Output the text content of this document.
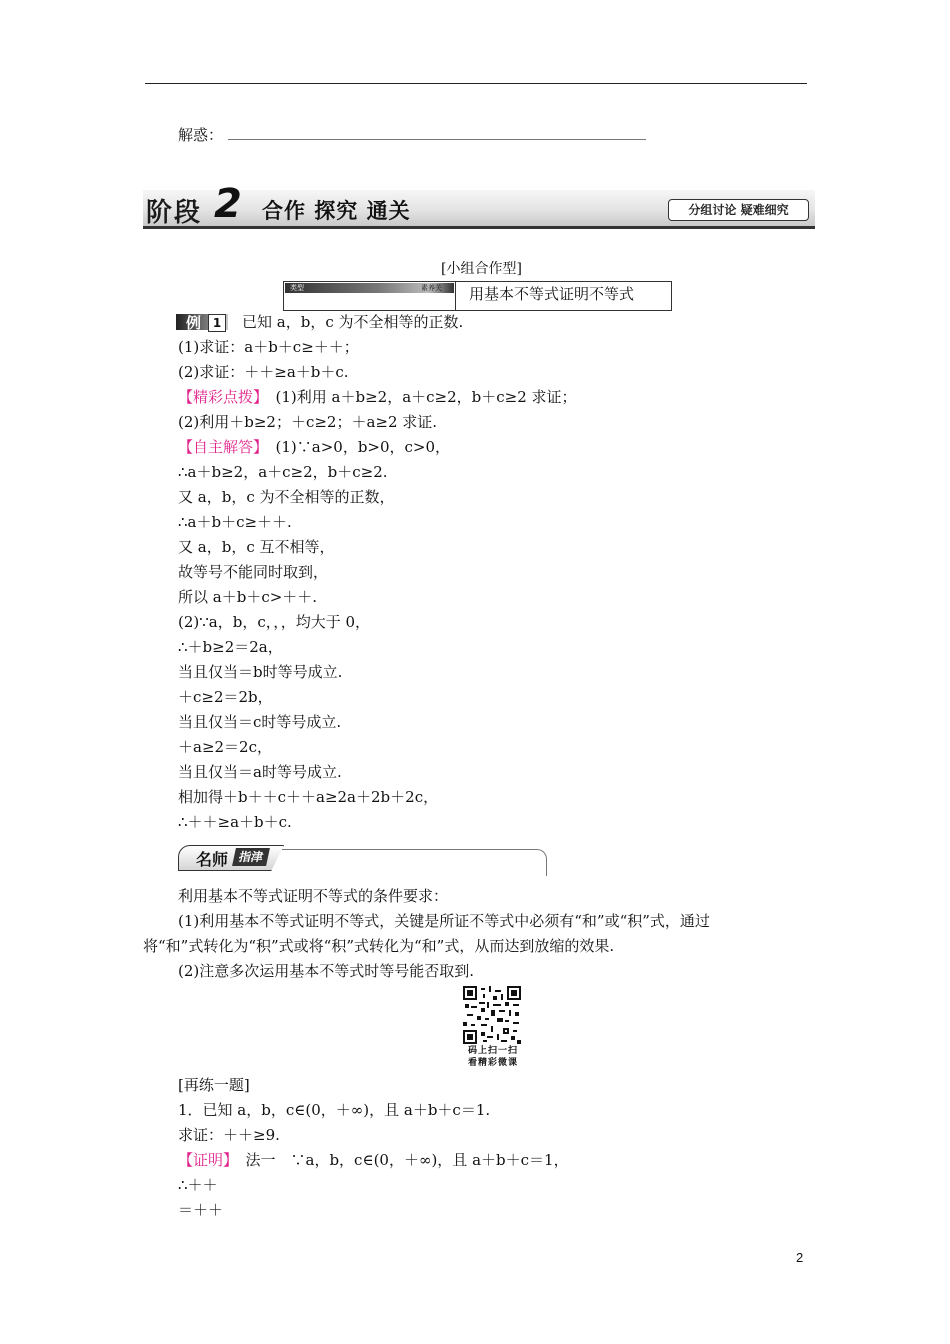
解惑：
阶段 2 合作 探究 通关	分组讨论 疑难细究
[小组合作型]
类型	素养关 用基本不等式证明不等式
例 1	已知 a，b，c 为不全相等的正数.
(1)求证：a＋b＋c≥＋＋；
(2)求证：＋＋≥a＋b＋c.
【精彩点拨】　(1)利用 a＋b≥2，a＋c≥2，b＋c≥2 求证；
(2)利用＋b≥2；＋c≥2；＋a≥2 求证.
【自主解答】　(1)∵a>0，b>0，c>0，
∴a＋b≥2，a＋c≥2，b＋c≥2.
又 a，b，c 为不全相等的正数，
∴a＋b＋c≥＋＋.
又 a，b，c 互不相等，
故等号不能同时取到，
所以 a＋b＋c>＋＋.
(2)∵a，b，c，，，均大于 0，
∴＋b≥2＝2a，
当且仅当＝b时等号成立.
＋c≥2＝2b，
当且仅当＝c时等号成立.
＋a≥2＝2c，
当且仅当＝a时等号成立.
相加得＋b＋＋c＋＋a≥2a＋2b＋2c，
∴＋＋≥a＋b＋c.
名师 指津
利用基本不等式证明不等式的条件要求：
(1)利用基本不等式证明不等式，关键是所证不等式中必须有“和”或“积”式，通过
将“和”式转化为“积”式或将“积”式转化为“和”式，从而达到放缩的效果.
(2)注意多次运用基本不等式时等号能否取到.
码上扫一扫
看精彩微课
[再练一题]
1．已知 a，b，c∈(0，＋∞)，且 a＋b＋c＝1.
求证：＋＋≥9.
【证明】　法一　∵a，b，c∈(0，＋∞)，且 a＋b＋c＝1，
∴＋＋
＝＋＋
2
